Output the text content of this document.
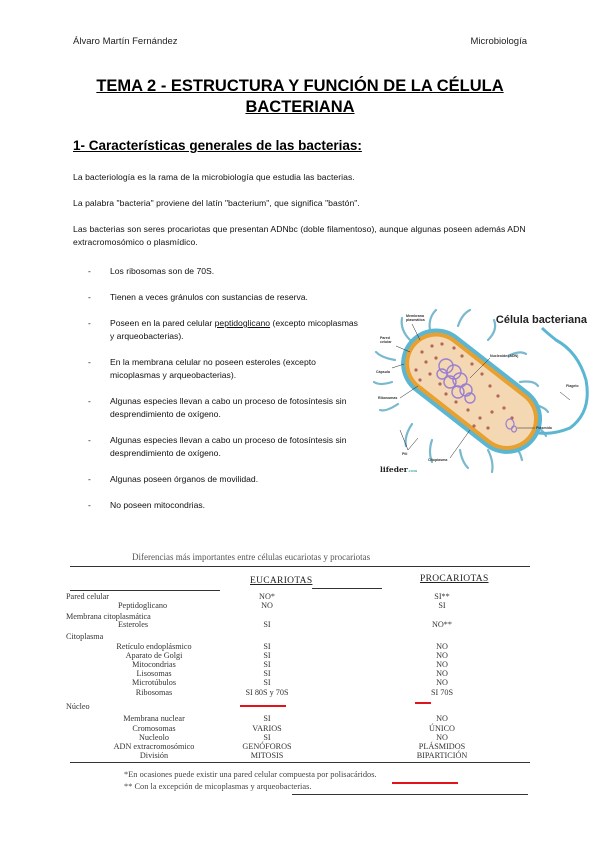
Álvaro Martín Fernández	Microbiología
TEMA 2 - ESTRUCTURA Y FUNCIÓN DE LA CÉLULA
BACTERIANA
1- Características generales de las bacterias:
La bacteriología es la rama de la microbiología que estudia las bacterias.
La palabra "bacteria" proviene del latín "bacterium", que significa "bastón".
Las bacterias son seres procariotas que presentan ADNbc (doble filamentoso), aunque algunas poseen además ADN extracromosómico o plasmídico.
- Los ribosomas son de 70S.
- Tienen a veces gránulos con sustancias de reserva.
- Poseen en la pared celular peptidoglicano (excepto micoplasmas y arqueobacterias).
- En la membrana celular no poseen esteroles (excepto micoplasmas y arqueobacterias).
- Algunas especies llevan a cabo un proceso de fotosíntesis sin desprendimiento de oxígeno.
- Algunas especies llevan a cabo un proceso de fotosíntesis sin desprendimiento de oxígeno.
- Algunas poseen órganos de movilidad.
- No poseen mitocondrias.
Célula bacteriana
Membrana plasmática
Pared celular
Cápsula
Ribosomas
Nucleoide (ADN)
Flagelo
Plásmido
Pili
Citoplasma
lifeder.com
Diferencias más importantes entre células eucariotas y procariotas
EUCARIOTAS	PROCARIOTAS
Pared celular	NO*	SI**
Peptidoglicano	NO	SI
Membrana citoplasmática
Esteroles	SI	NO**
Citoplasma
Retículo endoplásmico	SI	NO
Aparato de Golgi	SI	NO
Mitocondrias	SI	NO
Lisosomas	SI	NO
Microtúbulos	SI	NO
Ribosomas	SI 80S y 70S	SI 70S
Núcleo
Membrana nuclear	SI	NO
Cromosomas	VARIOS	ÚNICO
Nucleolo	SI	NO
ADN extracromosómico	GENÓFOROS	PLÁSMIDOS
División	MITOSIS	BIPARTICIÓN
*En ocasiones puede existir una pared celular compuesta por polisacáridos.
** Con la excepción de micoplasmas y arqueobacterias.
